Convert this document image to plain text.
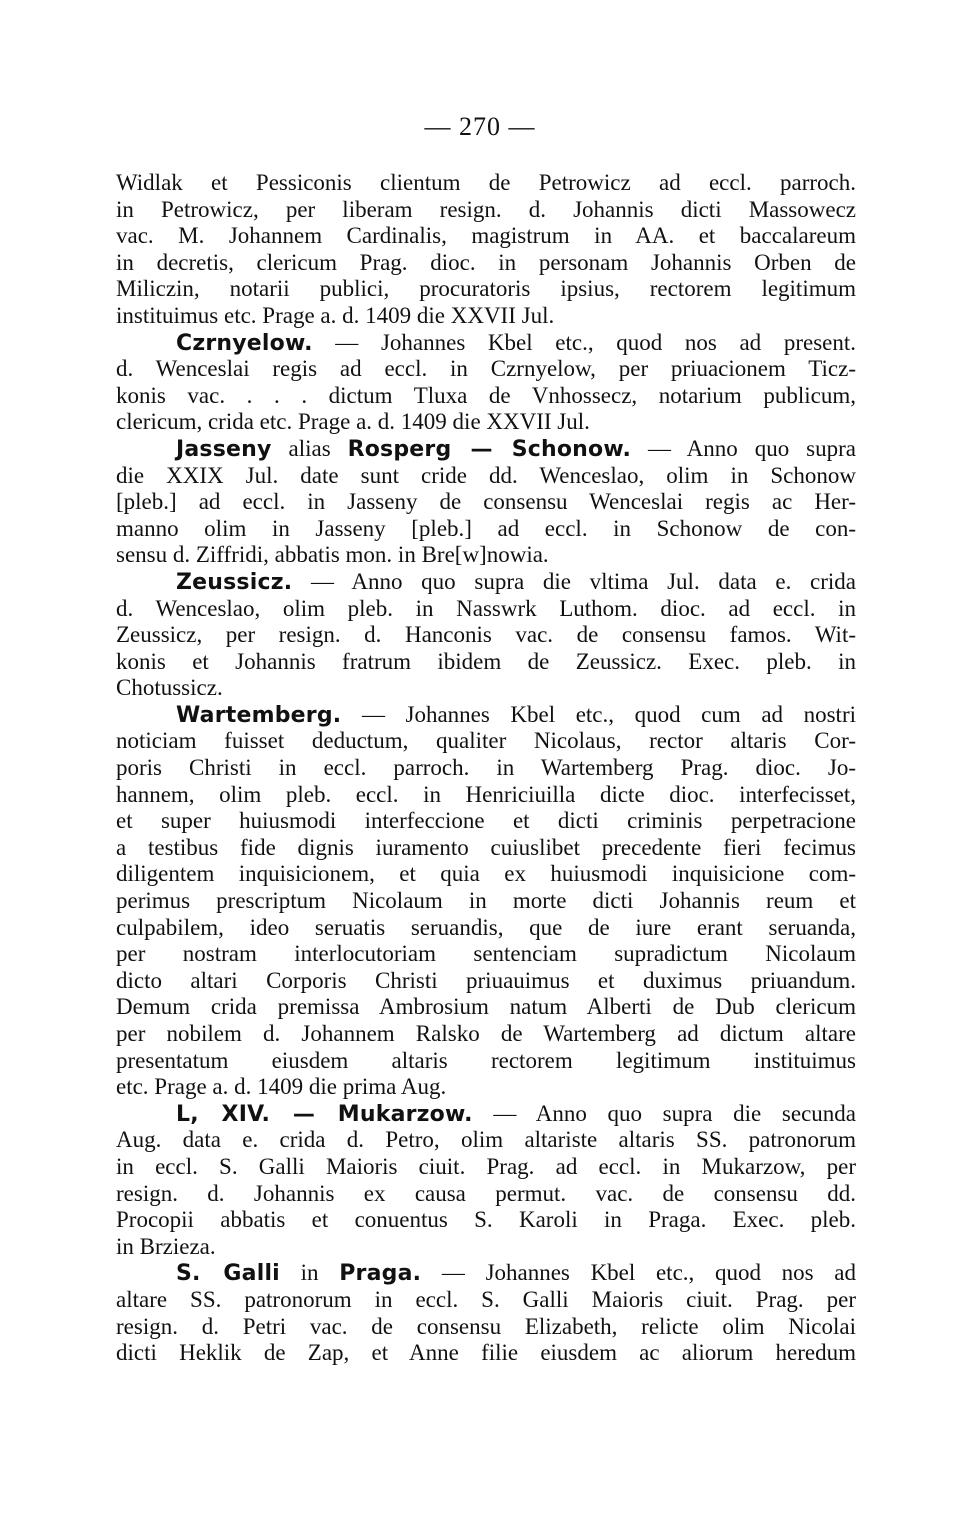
— 270 —
Widlak et Pessiconis clientum de Petrowicz ad eccl. parroch.
in Petrowicz, per liberam resign. d. Johannis dicti Massowecz
vac. M. Johannem Cardinalis, magistrum in AA. et baccalareum
in decretis, clericum Prag. dioc. in personam Johannis Orben de
Miliczin, notarii publici, procuratoris ipsius, rectorem legitimum
instituimus etc. Prage a. d. 1409 die XXVII Jul.
Czrnyelow. — Johannes Kbel etc., quod nos ad present.
d. Wenceslai regis ad eccl. in Czrnyelow, per priuacionem Ticz-
konis vac. . . . dictum Tluxa de Vnhossecz, notarium publicum,
clericum, crida etc. Prage a. d. 1409 die XXVII Jul.
Jasseny alias Rosperg — Schonow. — Anno quo supra
die XXIX Jul. date sunt cride dd. Wenceslao, olim in Schonow
[pleb.] ad eccl. in Jasseny de consensu Wenceslai regis ac Her-
manno olim in Jasseny [pleb.] ad eccl. in Schonow de con-
sensu d. Ziffridi, abbatis mon. in Bre[w]nowia.
Zeussicz. — Anno quo supra die vltima Jul. data e. crida
d. Wenceslao, olim pleb. in Nasswrk Luthom. dioc. ad eccl. in
Zeussicz, per resign. d. Hanconis vac. de consensu famos. Wit-
konis et Johannis fratrum ibidem de Zeussicz. Exec. pleb. in
Chotussicz.
Wartemberg. — Johannes Kbel etc., quod cum ad nostri
noticiam fuisset deductum, qualiter Nicolaus, rector altaris Cor-
poris Christi in eccl. parroch. in Wartemberg Prag. dioc. Jo-
hannem, olim pleb. eccl. in Henriciuilla dicte dioc. interfecisset,
et super huiusmodi interfeccione et dicti criminis perpetracione
a testibus fide dignis iuramento cuiuslibet precedente fieri fecimus
diligentem inquisicionem, et quia ex huiusmodi inquisicione com-
perimus prescriptum Nicolaum in morte dicti Johannis reum et
culpabilem, ideo seruatis seruandis, que de iure erant seruanda,
per nostram interlocutoriam sentenciam supradictum Nicolaum
dicto altari Corporis Christi priuauimus et duximus priuandum.
Demum crida premissa Ambrosium natum Alberti de Dub clericum
per nobilem d. Johannem Ralsko de Wartemberg ad dictum altare
presentatum eiusdem altaris rectorem legitimum instituimus
etc. Prage a. d. 1409 die prima Aug.
L, XIV. — Mukarzow. — Anno quo supra die secunda
Aug. data e. crida d. Petro, olim altariste altaris SS. patronorum
in eccl. S. Galli Maioris ciuit. Prag. ad eccl. in Mukarzow, per
resign. d. Johannis ex causa permut. vac. de consensu dd.
Procopii abbatis et conuentus S. Karoli in Praga. Exec. pleb.
in Brzieza.
S. Galli in Praga. — Johannes Kbel etc., quod nos ad
altare SS. patronorum in eccl. S. Galli Maioris ciuit. Prag. per
resign. d. Petri vac. de consensu Elizabeth, relicte olim Nicolai
dicti Heklik de Zap, et Anne filie eiusdem ac aliorum heredum
